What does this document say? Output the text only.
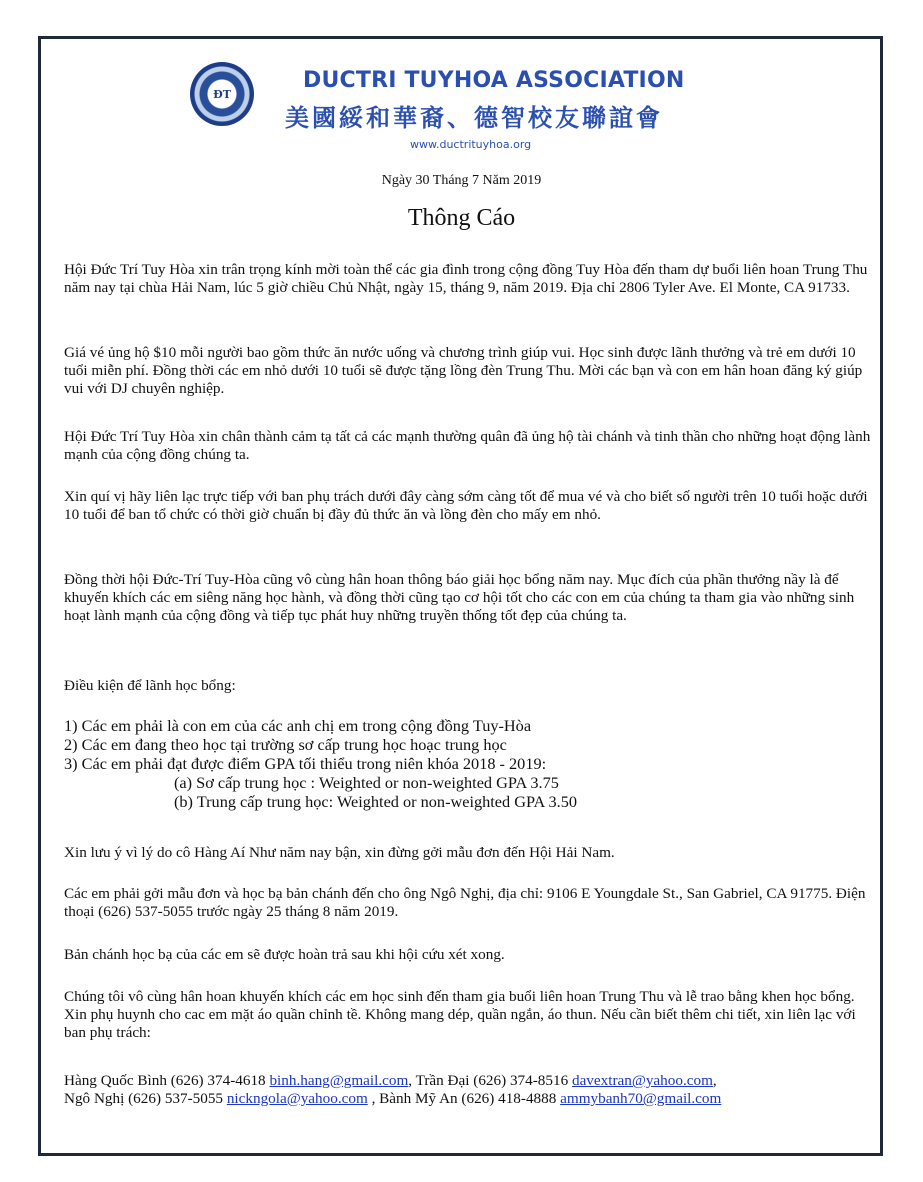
ĐT
DUCTRI TUYHOA ASSOCIATION
美國綏和華裔、德智校友聯誼會
www.ductrituyhoa.org
Ngày 30 Tháng 7 Năm 2019
Thông Cáo
Hội Đức Trí Tuy Hòa xin trân trọng kính mời toàn thể các gia đình trong cộng đồng Tuy Hòa đến tham dự buổi liên hoan Trung Thu năm nay tại chùa Hải Nam, lúc 5 giờ chiều Chủ Nhật, ngày 15, tháng 9, năm 2019. Địa chỉ 2806 Tyler Ave. El Monte, CA 91733.
Giá vé ủng hộ $10 mỗi người bao gồm thức ăn nước uống và chương trình giúp vui. Học sinh được lãnh thưởng và trẻ em dưới 10 tuổi miễn phí. Đồng thời các em nhỏ dưới 10 tuổi sẽ được tặng lồng đèn Trung Thu. Mời các bạn và con em hân hoan đăng ký giúp vui với DJ chuyên nghiệp.
Hội Đức Trí Tuy Hòa xin chân thành cảm tạ tất cả các mạnh thường quân đã ủng hộ tài chánh và tinh thần cho những hoạt động lành mạnh của cộng đồng chúng ta.
Xin quí vị hãy liên lạc trực tiếp với ban phụ trách dưới đây càng sớm càng tốt để mua vé và cho biết số người trên 10 tuổi hoặc dưới 10 tuổi để ban tổ chức có thời giờ chuẩn bị đầy đủ thức ăn và lồng đèn cho mấy em nhỏ.
Đồng thời hội Đức-Trí Tuy-Hòa cũng vô cùng hân hoan thông báo giải học bổng năm nay. Mục đích của phần thưởng nầy là để khuyến khích các em siêng năng học hành, và đồng thời cũng tạo cơ hội tốt cho các con em của chúng ta tham gia vào những sinh hoạt lành mạnh của cộng đồng và tiếp tục phát huy những truyền thống tốt đẹp của chúng ta.
Điều kiện để lãnh học bổng:
1) Các em phải là con em của các anh chị em trong cộng đồng Tuy-Hòa
2) Các em đang theo học tại trường sơ cấp trung học hoạc trung học
3) Các em phải đạt được điểm GPA tối thiểu trong niên khóa 2018 - 2019:
(a) Sơ cấp trung học : Weighted or non-weighted GPA 3.75
(b) Trung cấp trung học: Weighted or non-weighted GPA 3.50
Xin lưu ý vì lý do cô Hàng Aí Như năm nay bận, xin đừng gởi mẫu đơn đến Hội Hải Nam.
Các em phải gởi mẫu đơn và học bạ bản chánh đến cho ông Ngô Nghị, địa chỉ: 9106 E Youngdale St., San Gabriel, CA 91775. Điện thoại (626) 537-5055 trước ngày 25 tháng 8 năm 2019.
Bản chánh học bạ của các em sẽ được hoàn trả sau khi hội cứu xét xong.
Chúng tôi vô cùng hân hoan khuyến khích các em học sinh đến tham gia buổi liên hoan Trung Thu và lễ trao bằng khen học bổng. Xin phụ huynh cho cac em mặt áo quần chỉnh tề. Không mang dép, quần ngắn, áo thun. Nếu cần biết thêm chi tiết, xin liên lạc với ban phụ trách:
Hàng Quốc Bình (626) 374-4618 binh.hang@gmail.com, Trần Đại (626) 374-8516 davextran@yahoo.com,
Ngô Nghị (626) 537-5055 nickngola@yahoo.com , Bành Mỹ An (626) 418-4888 ammybanh70@gmail.com
